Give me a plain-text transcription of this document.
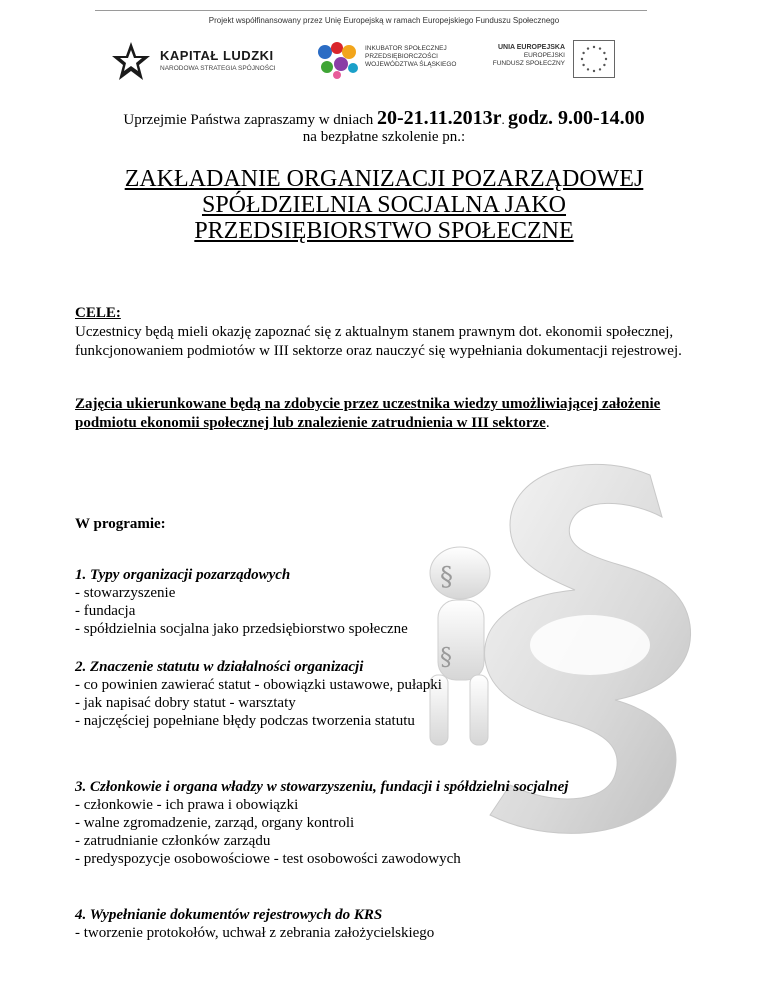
Projekt współfinansowany przez Unię Europejską w ramach Europejskiego Funduszu Społecznego
KAPITAŁ LUDZKI
NARODOWA STRATEGIA SPÓJNOŚCI
INKUBATOR SPOŁECZNEJ
PRZEDSIĘBIORCZOŚCI
WOJEWÓDZTWA ŚLĄSKIEGO
UNIA EUROPEJSKA
EUROPEJSKI
FUNDUSZ SPOŁECZNY
§
§
Uprzejmie Państwa zapraszamy w dniach 20-21.11.2013r. godz. 9.00-14.00
na bezpłatne szkolenie pn.:
ZAKŁADANIE ORGANIZACJI POZARZĄDOWEJ
SPÓŁDZIELNIA SOCJALNA JAKO
PRZEDSIĘBIORSTWO SPOŁECZNE
CELE:
Uczestnicy będą mieli okazję zapoznać się z aktualnym stanem prawnym dot. ekonomii społecznej, funkcjonowaniem podmiotów w III sektorze oraz nauczyć się wypełniania dokumentacji rejestrowej.
Zajęcia ukierunkowane będą na zdobycie przez uczestnika wiedzy umożliwiającej założenie podmiotu ekonomii społecznej lub znalezienie zatrudnienia w III sektorze.
W programie:
1. Typy organizacji pozarządowych
- stowarzyszenie
- fundacja
- spółdzielnia socjalna jako przedsiębiorstwo społeczne
2. Znaczenie statutu w działalności organizacji
- co powinien zawierać statut - obowiązki ustawowe, pułapki
- jak napisać dobry statut - warsztaty
- najczęściej popełniane błędy podczas tworzenia statutu
3. Członkowie i organa władzy w stowarzyszeniu, fundacji i spółdzielni socjalnej
- członkowie - ich prawa i obowiązki
- walne zgromadzenie, zarząd, organy kontroli
- zatrudnianie członków zarządu
- predyspozycje osobowościowe - test osobowości zawodowych
4. Wypełnianie dokumentów rejestrowych do KRS
- tworzenie protokołów, uchwał z zebrania założycielskiego
